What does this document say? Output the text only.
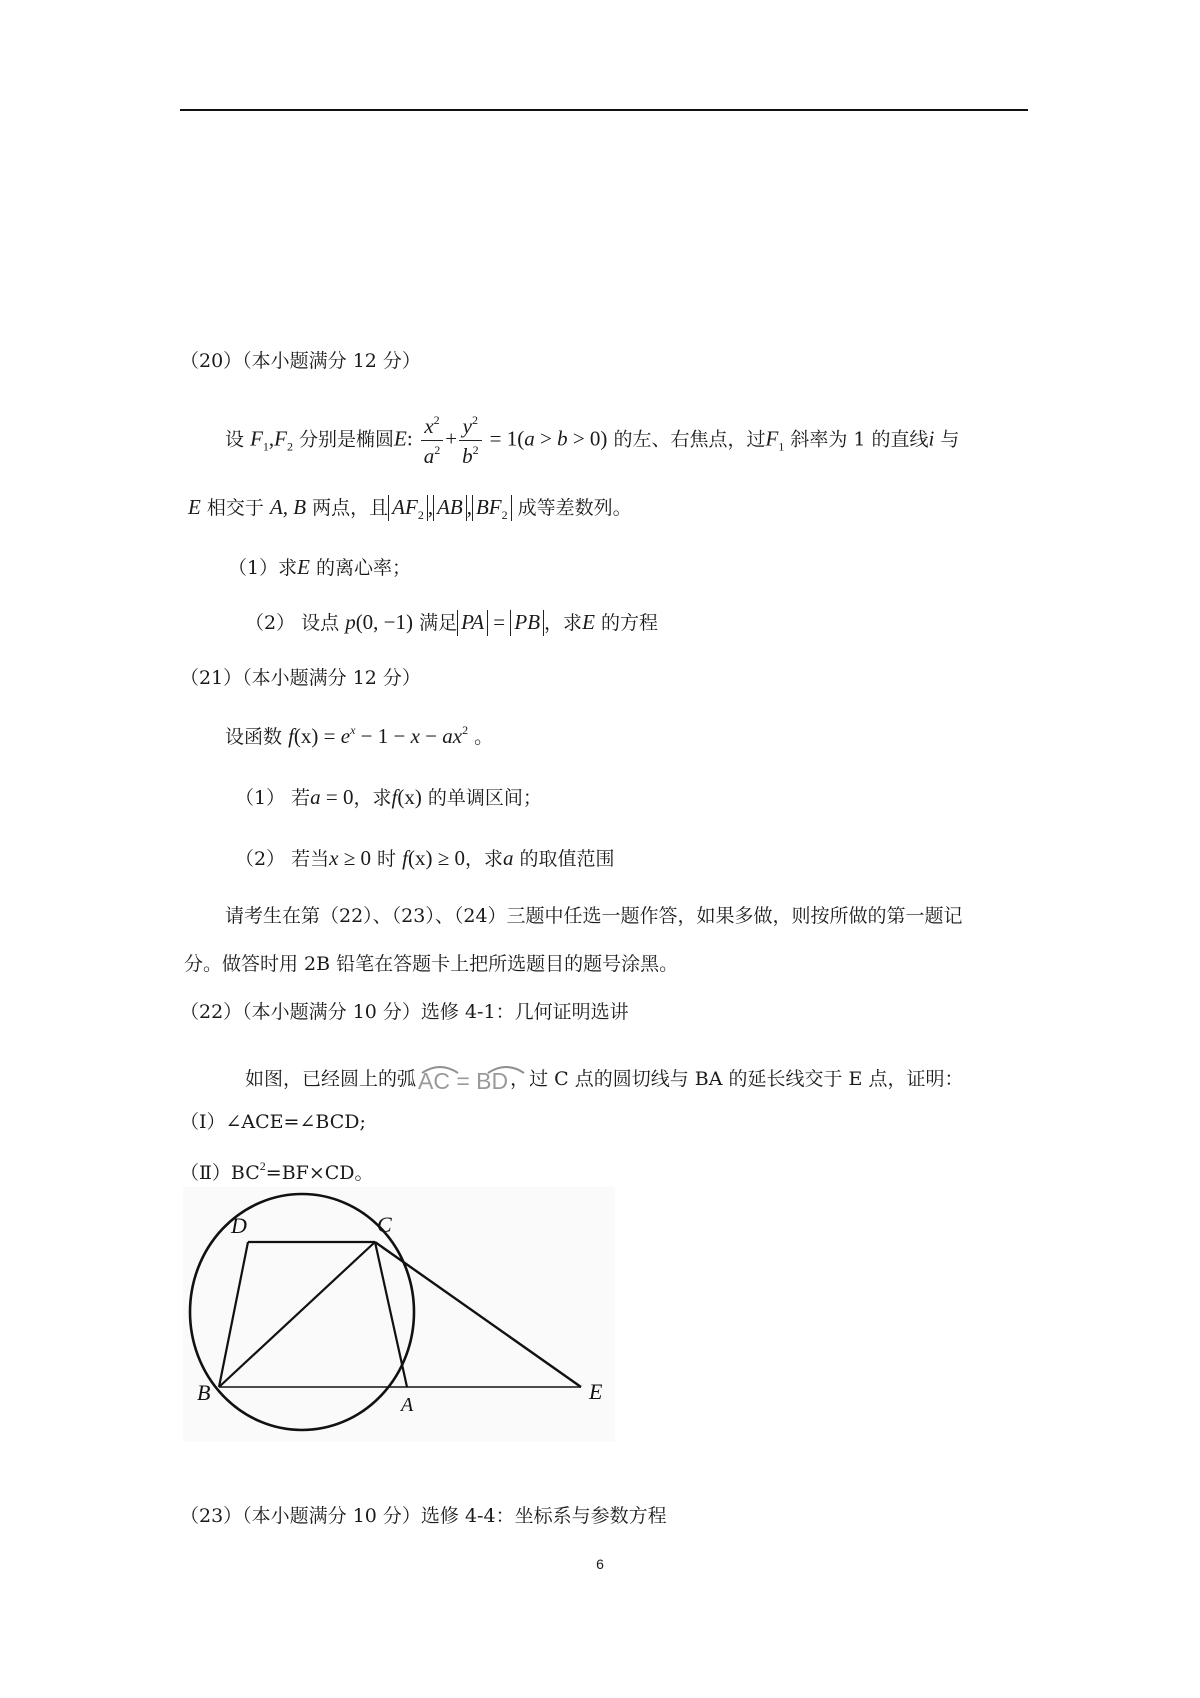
（20）（本小题满分 12 分）
设 $F_1,F_2$ 分别是椭圆E: $\frac{x^2}{a^2} + \frac{y^2}{b^2} = 1(a > b > 0)$ 的左、右焦点，过$F_1$ 斜率为 1 的直线i 与
E 相交于 A, B 两点，且 $AF_2$ , AB , $BF_2$ 成等差数列。
（1）求E 的离心率；
（2） 设点 p(0, −1) 满足 PA = PB ，求E 的方程
（21）（本小题满分 12 分）
设函数 $f(x) = e^x - 1 - x - ax^2$ 。
（1） 若a = 0，求f(x) 的单调区间；
（2） 若当x ≥ 0 时 f(x) ≥ 0，求a 的取值范围
请考生在第（22）、（23）、（24）三题中任选一题作答，如果多做，则按所做的第一题记
分。做答时用 2B 铅笔在答题卡上把所选题目的题号涂黑。
（22）（本小题满分 10 分）选修 4-1：几何证明选讲
如图，已经圆上的弧
AC = BD ，过 C 点的圆切线与 BA 的延长线交于 E 点，证明：
（Ⅰ）∠ACE=∠BCD;
$(Ⅱ)BC^2=BF\times CD$。
D	C
B	A
E
（23）（本小题满分 10 分）选修 4-4：坐标系与参数方程
6
